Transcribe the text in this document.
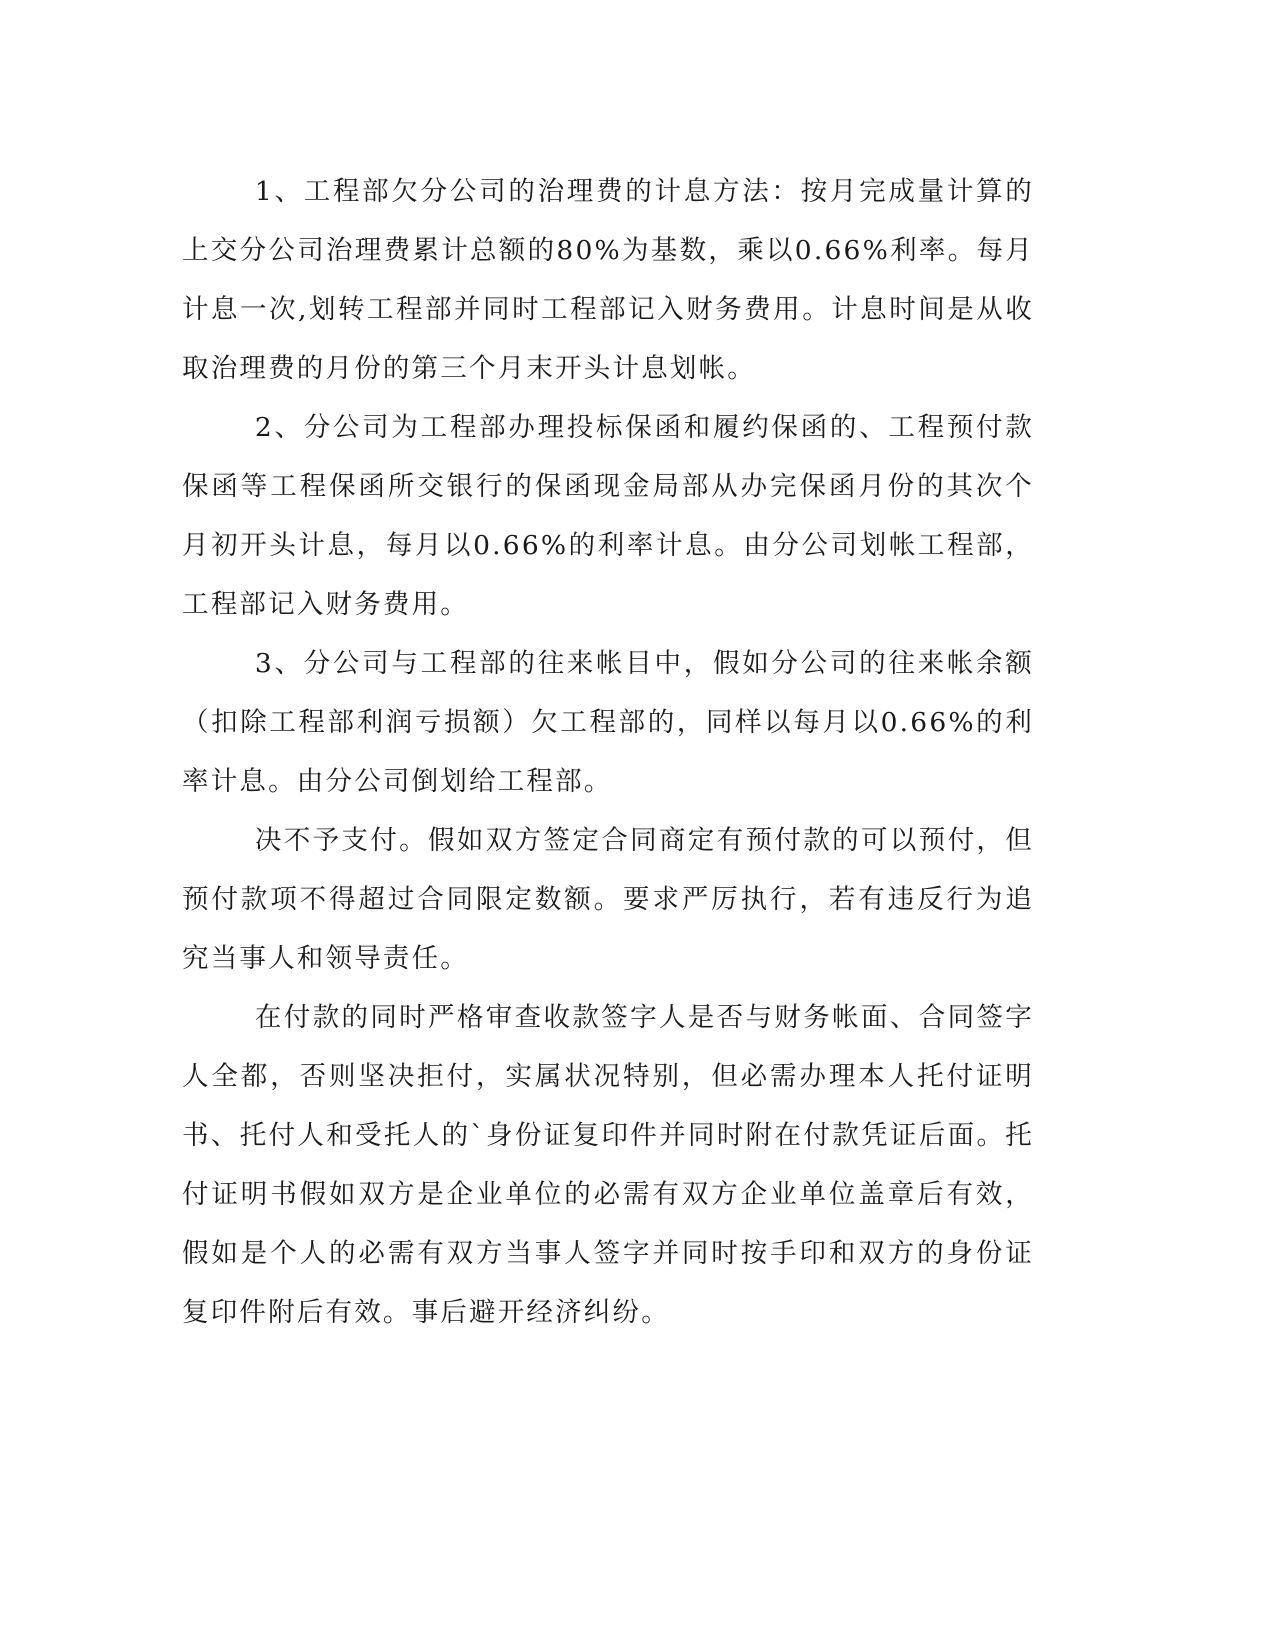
1、工程部欠分公司的治理费的计息方法：按月完成量计算的上交分公司治理费累计总额的80%为基数，乘以0.66%利率。每月计息一次,划转工程部并同时工程部记入财务费用。计息时间是从收取治理费的月份的第三个月末开头计息划帐。

2、分公司为工程部办理投标保函和履约保函的、工程预付款保函等工程保函所交银行的保函现金局部从办完保函月份的其次个月初开头计息，每月以0.66%的利率计息。由分公司划帐工程部，工程部记入财务费用。

3、分公司与工程部的往来帐目中，假如分公司的往来帐余额（扣除工程部利润亏损额）欠工程部的，同样以每月以0.66%的利率计息。由分公司倒划给工程部。

决不予支付。假如双方签定合同商定有预付款的可以预付，但预付款项不得超过合同限定数额。要求严厉执行，若有违反行为追究当事人和领导责任。

在付款的同时严格审查收款签字人是否与财务帐面、合同签字人全都，否则坚决拒付，实属状况特别，但必需办理本人托付证明书、托付人和受托人的`身份证复印件并同时附在付款凭证后面。托付证明书假如双方是企业单位的必需有双方企业单位盖章后有效，假如是个人的必需有双方当事人签字并同时按手印和双方的身份证复印件附后有效。事后避开经济纠纷。
